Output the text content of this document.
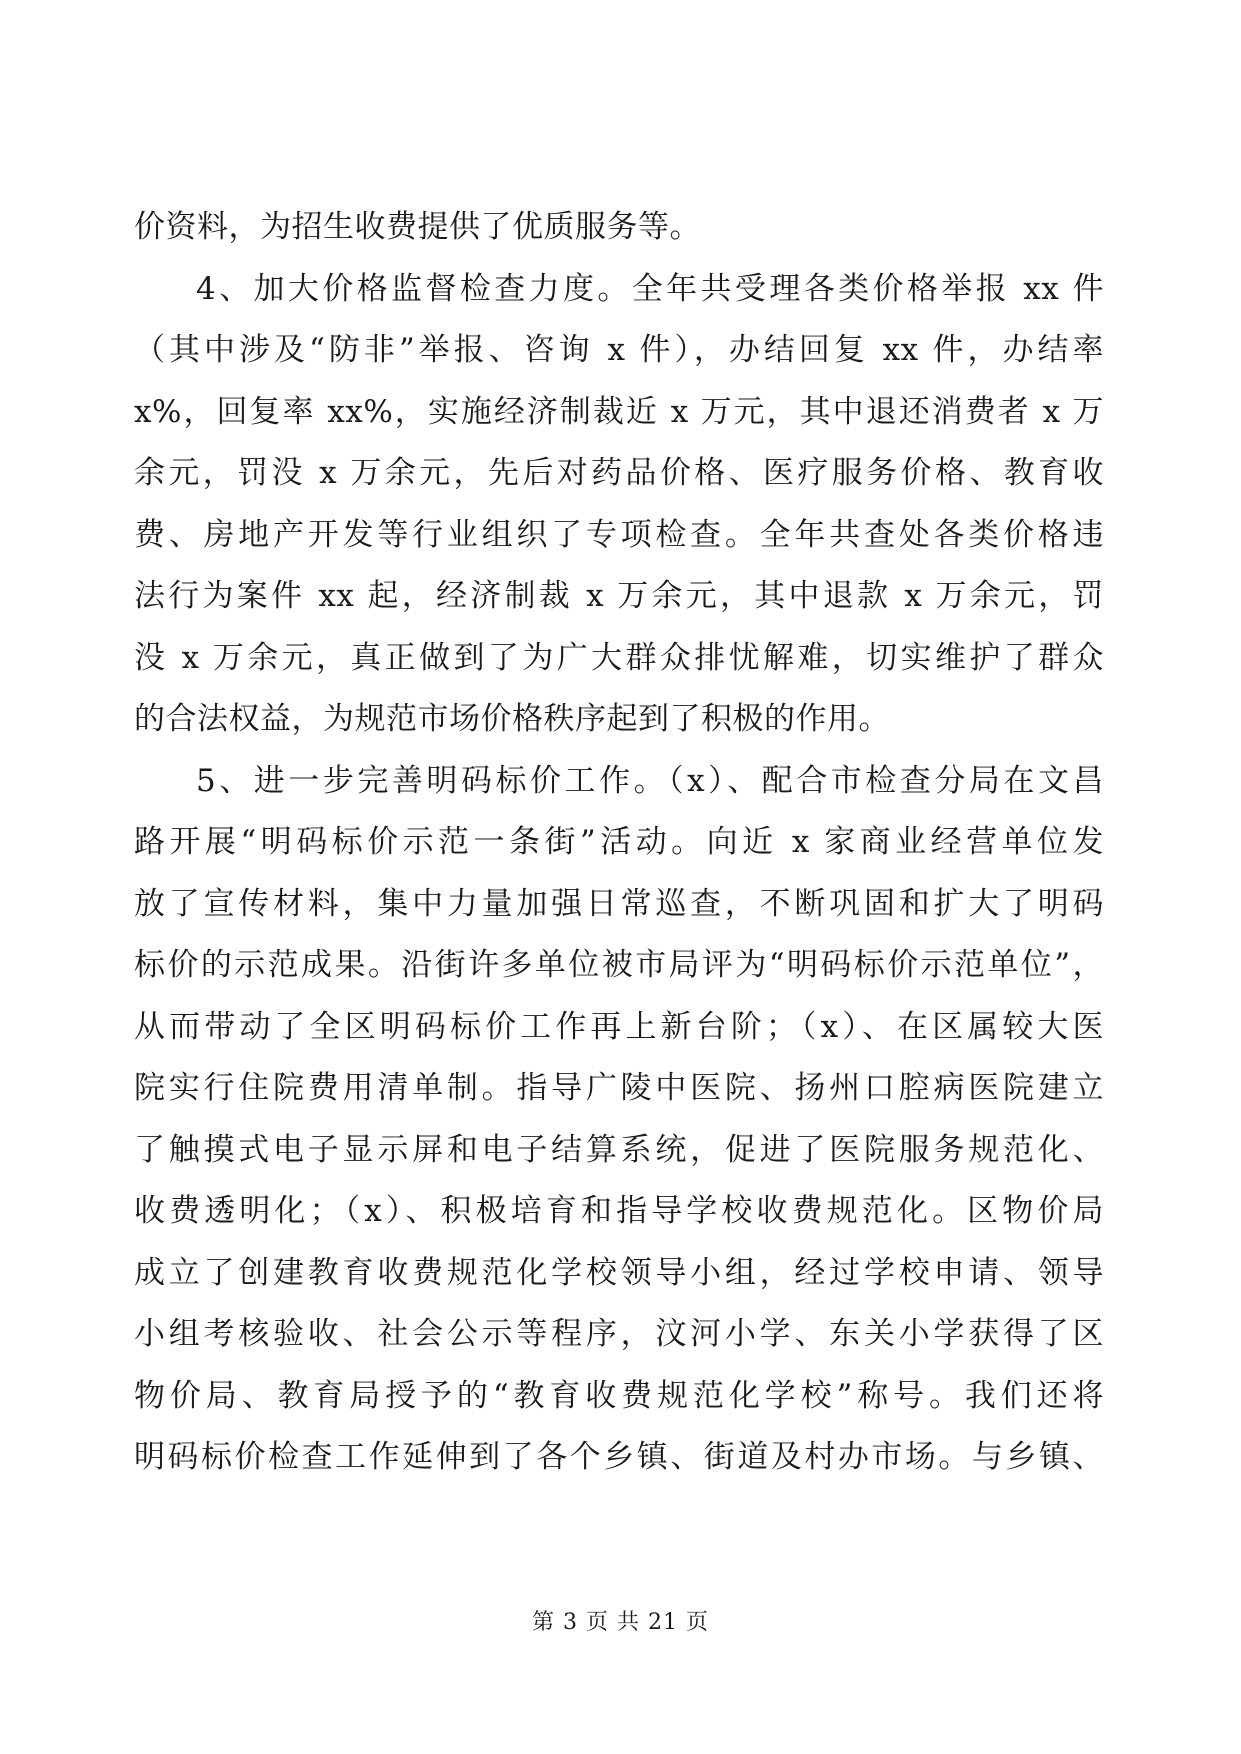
价资料，为招生收费提供了优质服务等。
4、加大价格监督检查力度。全年共受理各类价格举报 xx 件
（其中涉及“防非”举报、咨询 x 件），办结回复 xx 件，办结率
x%，回复率 xx%，实施经济制裁近 x 万元，其中退还消费者 x 万
余元，罚没 x 万余元，先后对药品价格、医疗服务价格、教育收
费、房地产开发等行业组织了专项检查。全年共查处各类价格违
法行为案件 xx 起，经济制裁 x 万余元，其中退款 x 万余元，罚
没 x 万余元，真正做到了为广大群众排忧解难，切实维护了群众
的合法权益，为规范市场价格秩序起到了积极的作用。
5、进一步完善明码标价工作。（x）、配合市检查分局在文昌
路开展“明码标价示范一条街”活动。向近 x 家商业经营单位发
放了宣传材料，集中力量加强日常巡查，不断巩固和扩大了明码
标价的示范成果。沿街许多单位被市局评为“明码标价示范单位”，
从而带动了全区明码标价工作再上新台阶；（x）、在区属较大医
院实行住院费用清单制。指导广陵中医院、扬州口腔病医院建立
了触摸式电子显示屏和电子结算系统，促进了医院服务规范化、
收费透明化；（x）、积极培育和指导学校收费规范化。区物价局
成立了创建教育收费规范化学校领导小组，经过学校申请、领导
小组考核验收、社会公示等程序，汶河小学、东关小学获得了区
物价局、教育局授予的“教育收费规范化学校”称号。我们还将
明码标价检查工作延伸到了各个乡镇、街道及村办市场。与乡镇、
第 3 页 共 21 页
